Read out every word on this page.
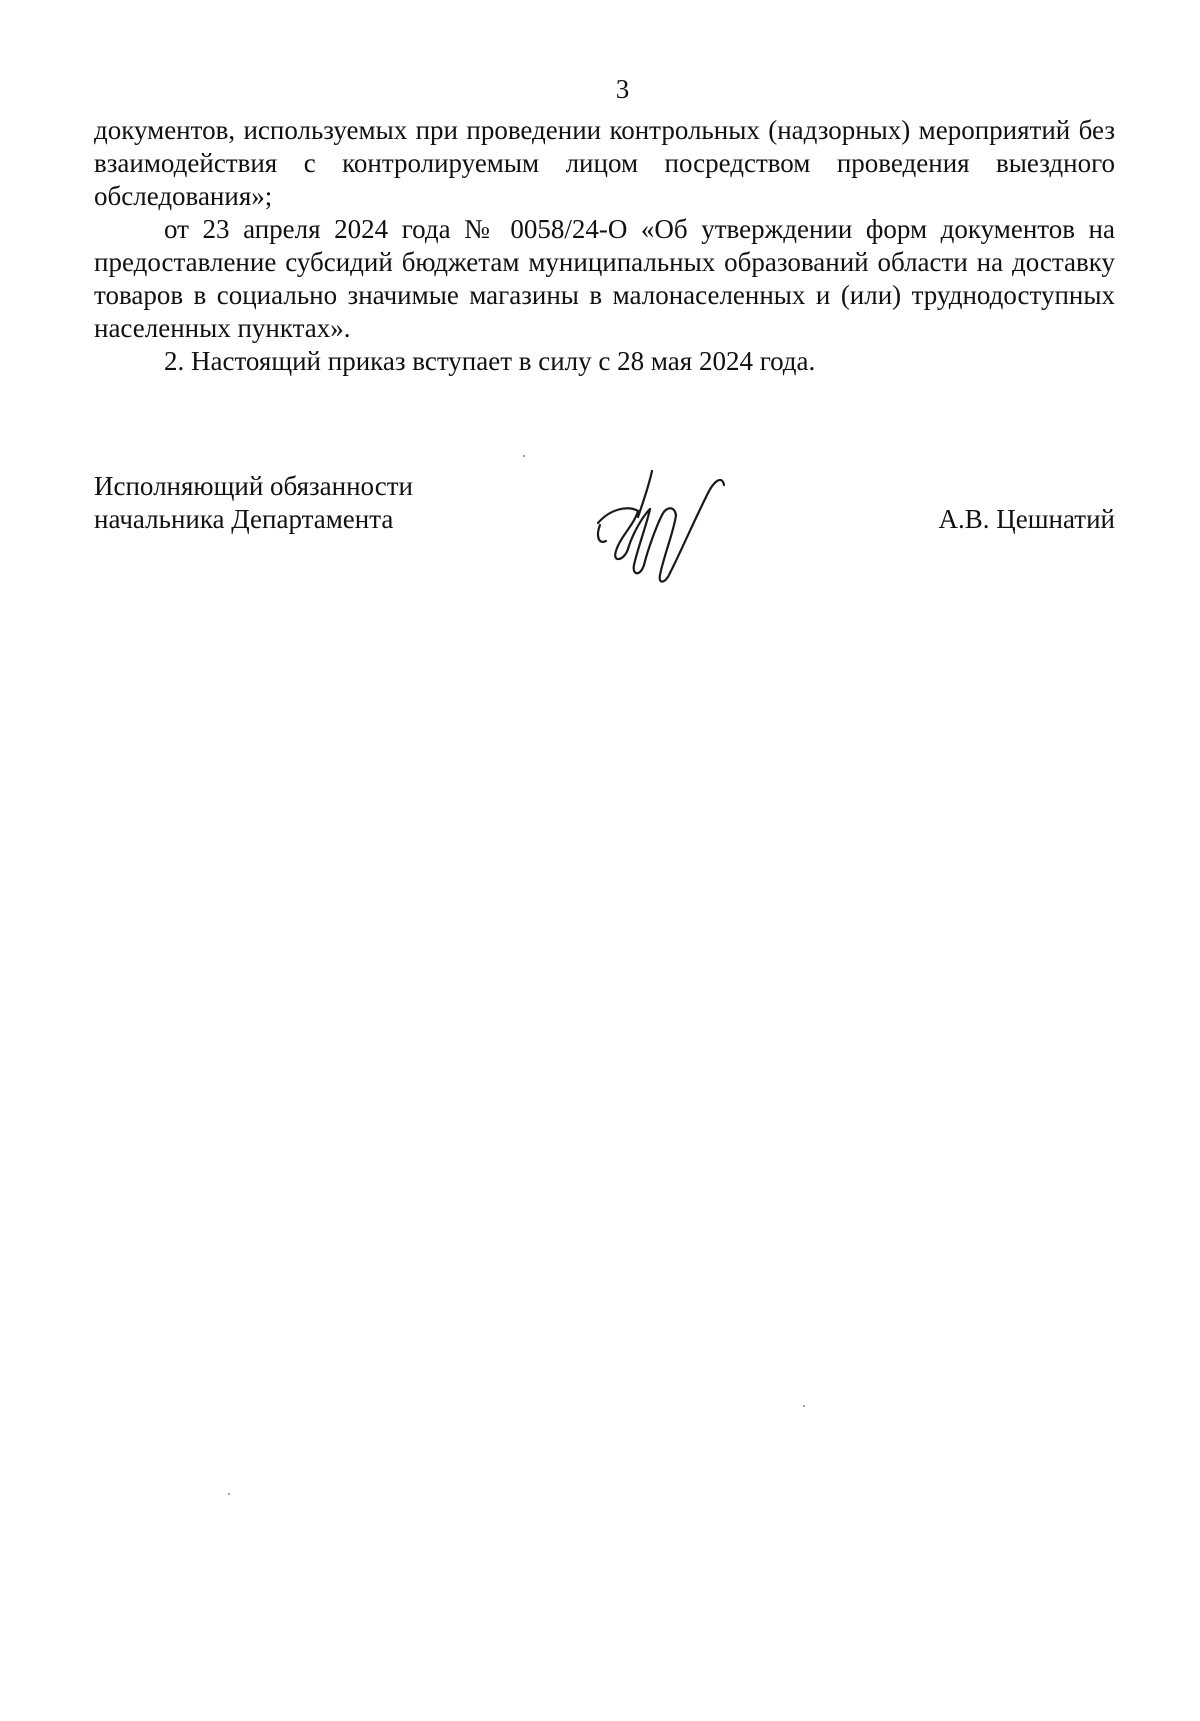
3

документов, используемых при проведении контрольных (надзорных) мероприятий без взаимодействия с контролируемым лицом посредством проведения выездного обследования»;

от 23 апреля 2024 года № 0058/24-О «Об утверждении форм документов на предоставление субсидий бюджетам муниципальных образований области на доставку товаров в социально значимые магазины в малонаселенных и (или) труднодоступных населенных пунктах».

2. Настоящий приказ вступает в силу с 28 мая 2024 года.

Исполняющий обязанности
начальника Департамента	А.В. Цешнатий
